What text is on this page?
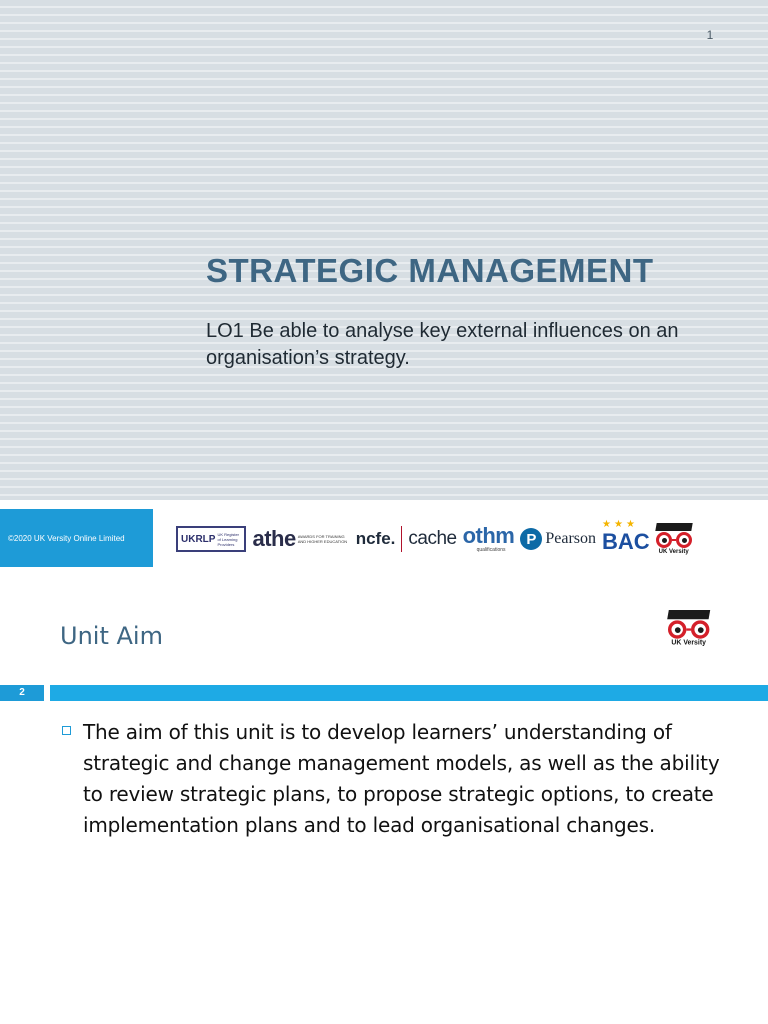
1
STRATEGIC MANAGEMENT
LO1 Be able to analyse key external influences on an organisation’s strategy.
©2020 UK Versity Online Limited	UKRLP UK Register of Learning Providers athe AWARDS FOR TRAINING AND HIGHER EDUCATION ncfe. cache othm
qualifications
P Pearson
★★★
BAC UK Versity
Unit Aim	UK Versity
2
The aim of this unit is to develop learners’ understanding of strategic and change management models, as well as the ability to review strategic plans, to propose strategic options, to create implementation plans and to lead organisational changes.
